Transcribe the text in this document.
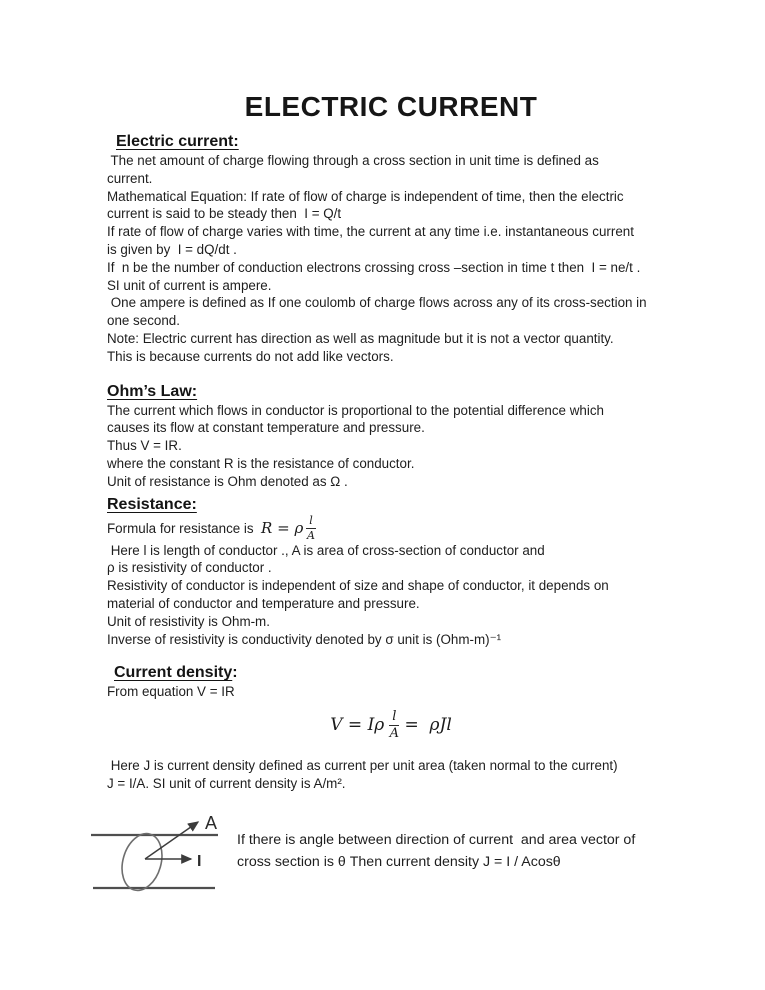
ELECTRIC CURRENT
Electric current:
The net amount of charge flowing through a cross section in unit time is defined as
current.
Mathematical Equation: If rate of flow of charge is independent of time, then the electric
current is said to be steady then  I = Q/t
If rate of flow of charge varies with time, the current at any time i.e. instantaneous current
is given by  I = dQ/dt .
If  n be the number of conduction electrons crossing cross –section in time t then  I = ne/t .
SI unit of current is ampere.
One ampere is defined as If one coulomb of charge flows across any of its cross-section in
one second.
Note: Electric current has direction as well as magnitude but it is not a vector quantity.
This is because currents do not add like vectors.
Ohm’s Law:
The current which flows in conductor is proportional to the potential difference which
causes its flow at constant temperature and pressure.
Thus V = IR.
where the constant R is the resistance of conductor.
Unit of resistance is Ohm denoted as Ω .
Resistance:
Formula for resistance is R = ρ $\frac{l}{A}$
Here l is length of conductor ., A is area of cross-section of conductor and
ρ is resistivity of conductor .
Resistivity of conductor is independent of size and shape of conductor, it depends on
material of conductor and temperature and pressure.
Unit of resistivity is Ohm-m.
Inverse of resistivity is conductivity denoted by σ unit is (Ohm-m)⁻¹
Current density:
From equation V = IR
V = Iρ $\frac{l}{A} = \rho Jl$
Here J is current density defined as current per unit area (taken normal to the current)
J = I/A. SI unit of current density is A/m².
A
I
If there is angle between direction of current  and area vector of
cross section is θ Then current density J = I / Acosθ
